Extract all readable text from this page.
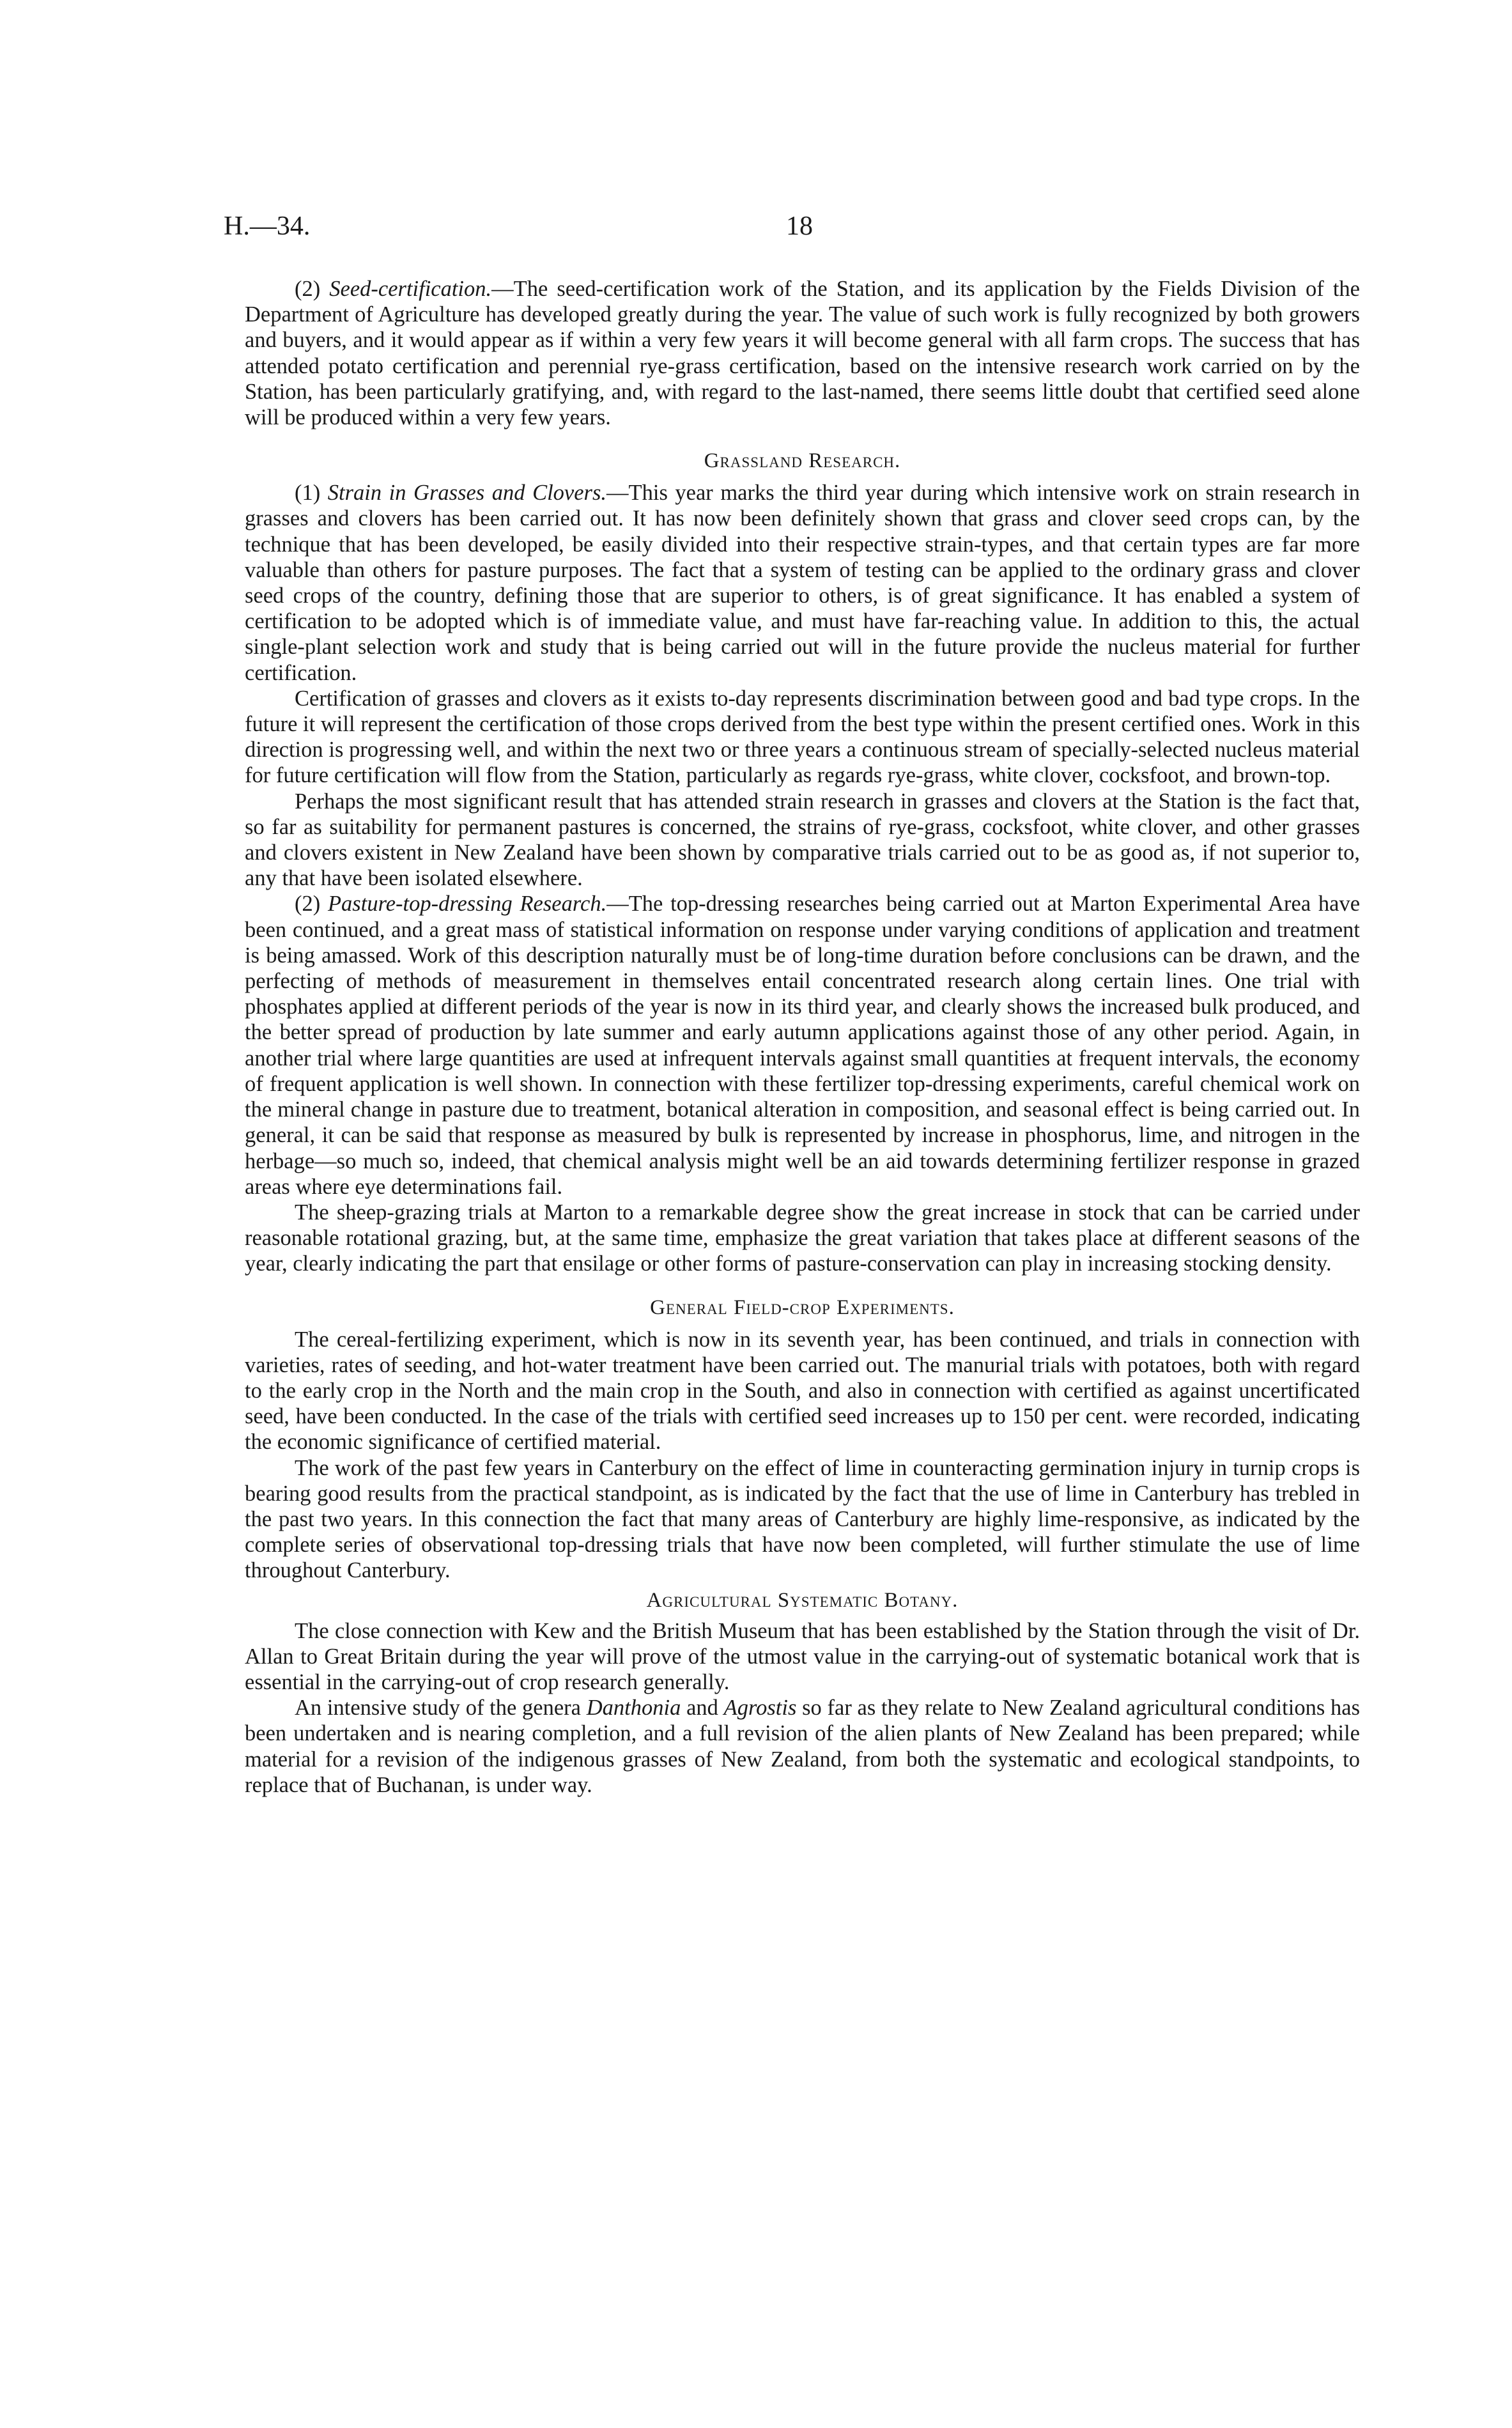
H.—34.	18

(2) Seed-certification.—The seed-certification work of the Station, and its application by the Fields Division of the Department of Agriculture has developed greatly during the year. The value of such work is fully recognized by both growers and buyers, and it would appear as if within a very few years it will become general with all farm crops. The success that has attended potato certification and perennial rye-grass certification, based on the intensive research work carried on by the Station, has been particularly gratifying, and, with regard to the last-named, there seems little doubt that certified seed alone will be produced within a very few years.

Grassland Research.

(1) Strain in Grasses and Clovers.—This year marks the third year during which intensive work on strain research in grasses and clovers has been carried out. It has now been definitely shown that grass and clover seed crops can, by the technique that has been developed, be easily divided into their respective strain-types, and that certain types are far more valuable than others for pasture purposes. The fact that a system of testing can be applied to the ordinary grass and clover seed crops of the country, defining those that are superior to others, is of great significance. It has enabled a system of certification to be adopted which is of immediate value, and must have far-reaching value. In addition to this, the actual single-plant selection work and study that is being carried out will in the future provide the nucleus material for further certification.

Certification of grasses and clovers as it exists to-day represents discrimination between good and bad type crops. In the future it will represent the certification of those crops derived from the best type within the present certified ones. Work in this direction is progressing well, and within the next two or three years a continuous stream of specially-selected nucleus material for future certification will flow from the Station, particularly as regards rye-grass, white clover, cocksfoot, and brown-top.

Perhaps the most significant result that has attended strain research in grasses and clovers at the Station is the fact that, so far as suitability for permanent pastures is concerned, the strains of rye-grass, cocksfoot, white clover, and other grasses and clovers existent in New Zealand have been shown by comparative trials carried out to be as good as, if not superior to, any that have been isolated elsewhere.

(2) Pasture-top-dressing Research.—The top-dressing researches being carried out at Marton Experimental Area have been continued, and a great mass of statistical information on response under varying conditions of application and treatment is being amassed. Work of this description naturally must be of long-time duration before conclusions can be drawn, and the perfecting of methods of measurement in themselves entail concentrated research along certain lines. One trial with phosphates applied at different periods of the year is now in its third year, and clearly shows the increased bulk produced, and the better spread of production by late summer and early autumn applications against those of any other period. Again, in another trial where large quantities are used at infrequent intervals against small quantities at frequent intervals, the economy of frequent application is well shown. In connection with these fertilizer top-dressing experiments, careful chemical work on the mineral change in pasture due to treatment, botanical alteration in composition, and seasonal effect is being carried out. In general, it can be said that response as measured by bulk is represented by increase in phosphorus, lime, and nitrogen in the herbage—so much so, indeed, that chemical analysis might well be an aid towards determining fertilizer response in grazed areas where eye determinations fail.

The sheep-grazing trials at Marton to a remarkable degree show the great increase in stock that can be carried under reasonable rotational grazing, but, at the same time, emphasize the great variation that takes place at different seasons of the year, clearly indicating the part that ensilage or other forms of pasture-conservation can play in increasing stocking density.

General Field-crop Experiments.

The cereal-fertilizing experiment, which is now in its seventh year, has been continued, and trials in connection with varieties, rates of seeding, and hot-water treatment have been carried out. The manurial trials with potatoes, both with regard to the early crop in the North and the main crop in the South, and also in connection with certified as against uncertificated seed, have been conducted. In the case of the trials with certified seed increases up to 150 per cent. were recorded, indicating the economic significance of certified material.

The work of the past few years in Canterbury on the effect of lime in counteracting germination injury in turnip crops is bearing good results from the practical standpoint, as is indicated by the fact that the use of lime in Canterbury has trebled in the past two years. In this connection the fact that many areas of Canterbury are highly lime-responsive, as indicated by the complete series of observational top-dressing trials that have now been completed, will further stimulate the use of lime throughout Canterbury.

Agricultural Systematic Botany.

The close connection with Kew and the British Museum that has been established by the Station through the visit of Dr. Allan to Great Britain during the year will prove of the utmost value in the carrying-out of systematic botanical work that is essential in the carrying-out of crop research generally.

An intensive study of the genera Danthonia and Agrostis so far as they relate to New Zealand agricultural conditions has been undertaken and is nearing completion, and a full revision of the alien plants of New Zealand has been prepared; while material for a revision of the indigenous grasses of New Zealand, from both the systematic and ecological standpoints, to replace that of Buchanan, is under way.
